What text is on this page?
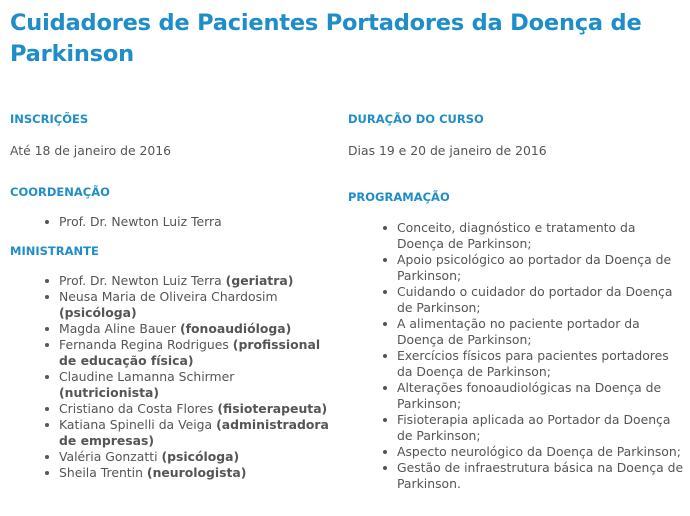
Cuidadores de Pacientes Portadores da Doença de Parkinson
INSCRIÇÕES

Até 18 de janeiro de 2016

COORDENAÇÃO
Prof. Dr. Newton Luiz Terra
MINISTRANTE
Prof. Dr. Newton Luiz Terra (geriatra)
Neusa Maria de Oliveira Chardosim (psicóloga)
Magda Aline Bauer (fonoaudióloga)
Fernanda Regina Rodrigues (profissional de educação física)
Claudine Lamanna Schirmer (nutricionista)
Cristiano da Costa Flores (fisioterapeuta)
Katiana Spinelli da Veiga (administradora de empresas)
Valéria Gonzatti (psicóloga)
Sheila Trentin (neurologista)
DURAÇÃO DO CURSO

Dias 19 e 20 de janeiro de 2016

PROGRAMAÇÃO
Conceito, diagnóstico e tratamento da Doença de Parkinson;
Apoio psicológico ao portador da Doença de Parkinson;
Cuidando o cuidador do portador da Doença de Parkinson;
A alimentação no paciente portador da Doença de Parkinson;
Exercícios físicos para pacientes portadores da Doença de Parkinson;
Alterações fonoaudiológicas na Doença de Parkinson;
Fisioterapia aplicada ao Portador da Doença de Parkinson;
Aspecto neurológico da Doença de Parkinson;
Gestão de infraestrutura básica na Doença de Parkinson.
